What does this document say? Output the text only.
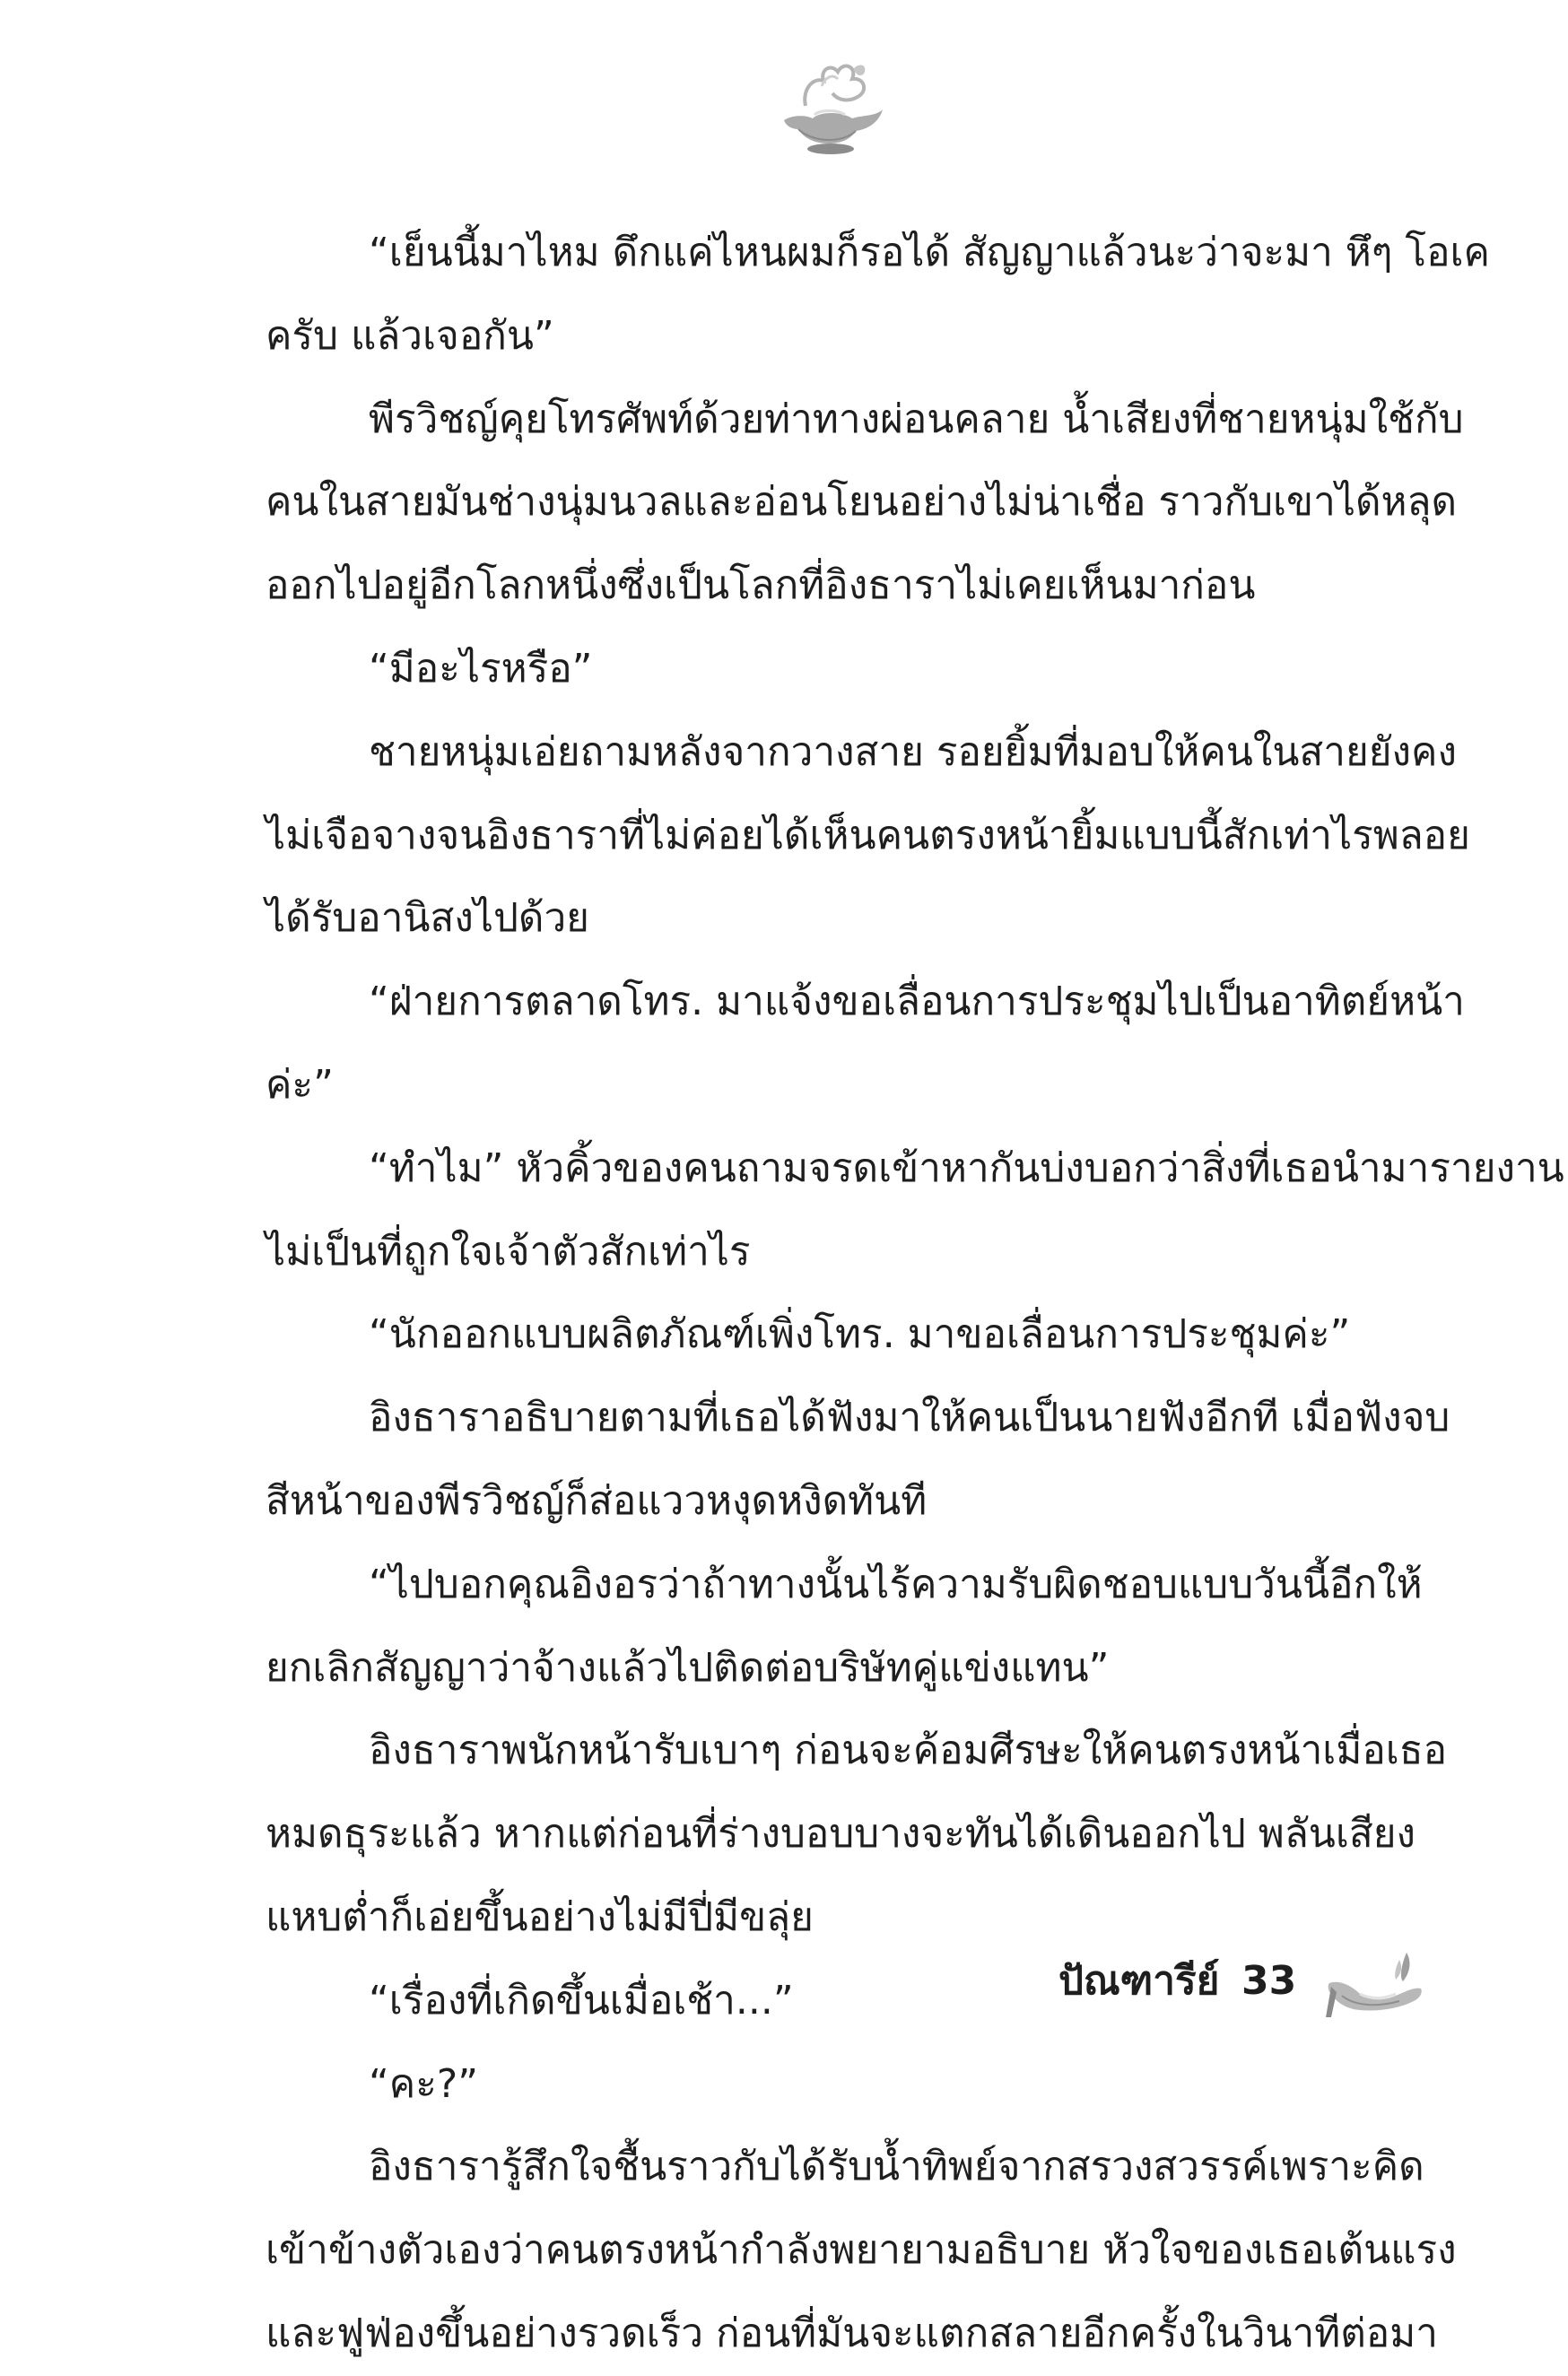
“เย็นนี้มาไหม ดึกแค่ไหนผมก็รอได้ สัญญาแล้วนะว่าจะมา หึๆ โอเค
ครับ แล้วเจอกัน”
พีรวิชญ์คุยโทรศัพท์ด้วยท่าทางผ่อนคลาย น้ำเสียงที่ชายหนุ่มใช้กับ
คนในสายมันช่างนุ่มนวลและอ่อนโยนอย่างไม่น่าเชื่อ ราวกับเขาได้หลุด
ออกไปอยู่อีกโลกหนึ่งซึ่งเป็นโลกที่อิงธาราไม่เคยเห็นมาก่อน
“มีอะไรหรือ”
ชายหนุ่มเอ่ยถามหลังจากวางสาย รอยยิ้มที่มอบให้คนในสายยังคง
ไม่เจือจางจนอิงธาราที่ไม่ค่อยได้เห็นคนตรงหน้ายิ้มแบบนี้สักเท่าไรพลอย
ได้รับอานิสงไปด้วย
“ฝ่ายการตลาดโทร. มาแจ้งขอเลื่อนการประชุมไปเป็นอาทิตย์หน้า
ค่ะ”
“ทำไม” หัวคิ้วของคนถามจรดเข้าหากันบ่งบอกว่าสิ่งที่เธอนำมารายงาน
ไม่เป็นที่ถูกใจเจ้าตัวสักเท่าไร
“นักออกแบบผลิตภัณฑ์เพิ่งโทร. มาขอเลื่อนการประชุมค่ะ”
อิงธาราอธิบายตามที่เธอได้ฟังมาให้คนเป็นนายฟังอีกที เมื่อฟังจบ
สีหน้าของพีรวิชญ์ก็ส่อแววหงุดหงิดทันที
“ไปบอกคุณอิงอรว่าถ้าทางนั้นไร้ความรับผิดชอบแบบวันนี้อีกให้
ยกเลิกสัญญาว่าจ้างแล้วไปติดต่อบริษัทคู่แข่งแทน”
อิงธาราพนักหน้ารับเบาๆ ก่อนจะค้อมศีรษะให้คนตรงหน้าเมื่อเธอ
หมดธุระแล้ว หากแต่ก่อนที่ร่างบอบบางจะทันได้เดินออกไป พลันเสียง
แหบต่ำก็เอ่ยขึ้นอย่างไม่มีปี่มีขลุ่ย
“เรื่องที่เกิดขึ้นเมื่อเช้า...”
“คะ?”
อิงธารารู้สึกใจชื้นราวกับได้รับน้ำทิพย์จากสรวงสวรรค์เพราะคิด
เข้าข้างตัวเองว่าคนตรงหน้ากำลังพยายามอธิบาย หัวใจของเธอเต้นแรง
และฟูฟ่องขึ้นอย่างรวดเร็ว ก่อนที่มันจะแตกสลายอีกครั้งในวินาทีต่อมา
ปัณฑารีย์ 33
